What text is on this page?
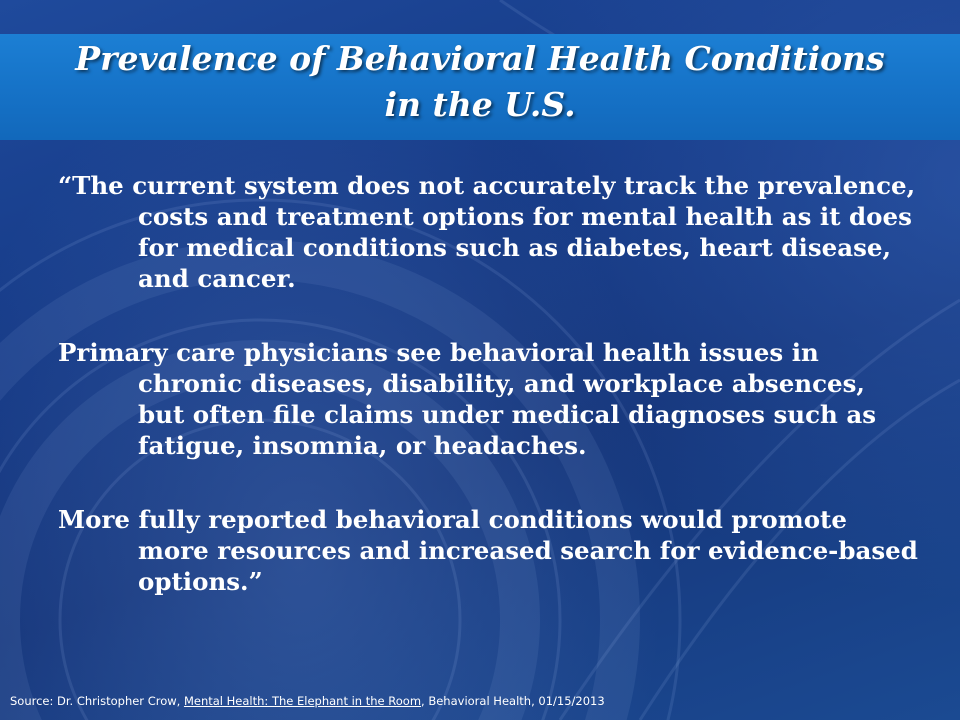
Prevalence of Behavioral Health Conditions
in the U.S.

“The current system does not accurately track the prevalence, costs and treatment options for mental health as it does for medical conditions such as diabetes, heart disease, and cancer.

Primary care physicians see behavioral health issues in chronic diseases, disability, and workplace absences, but often file claims under medical diagnoses such as fatigue, insomnia, or headaches.

More fully reported behavioral conditions would promote more resources and increased search for evidence-based options.”

Source: Dr. Christopher Crow, Mental Health: The Elephant in the Room, Behavioral Health, 01/15/2013
